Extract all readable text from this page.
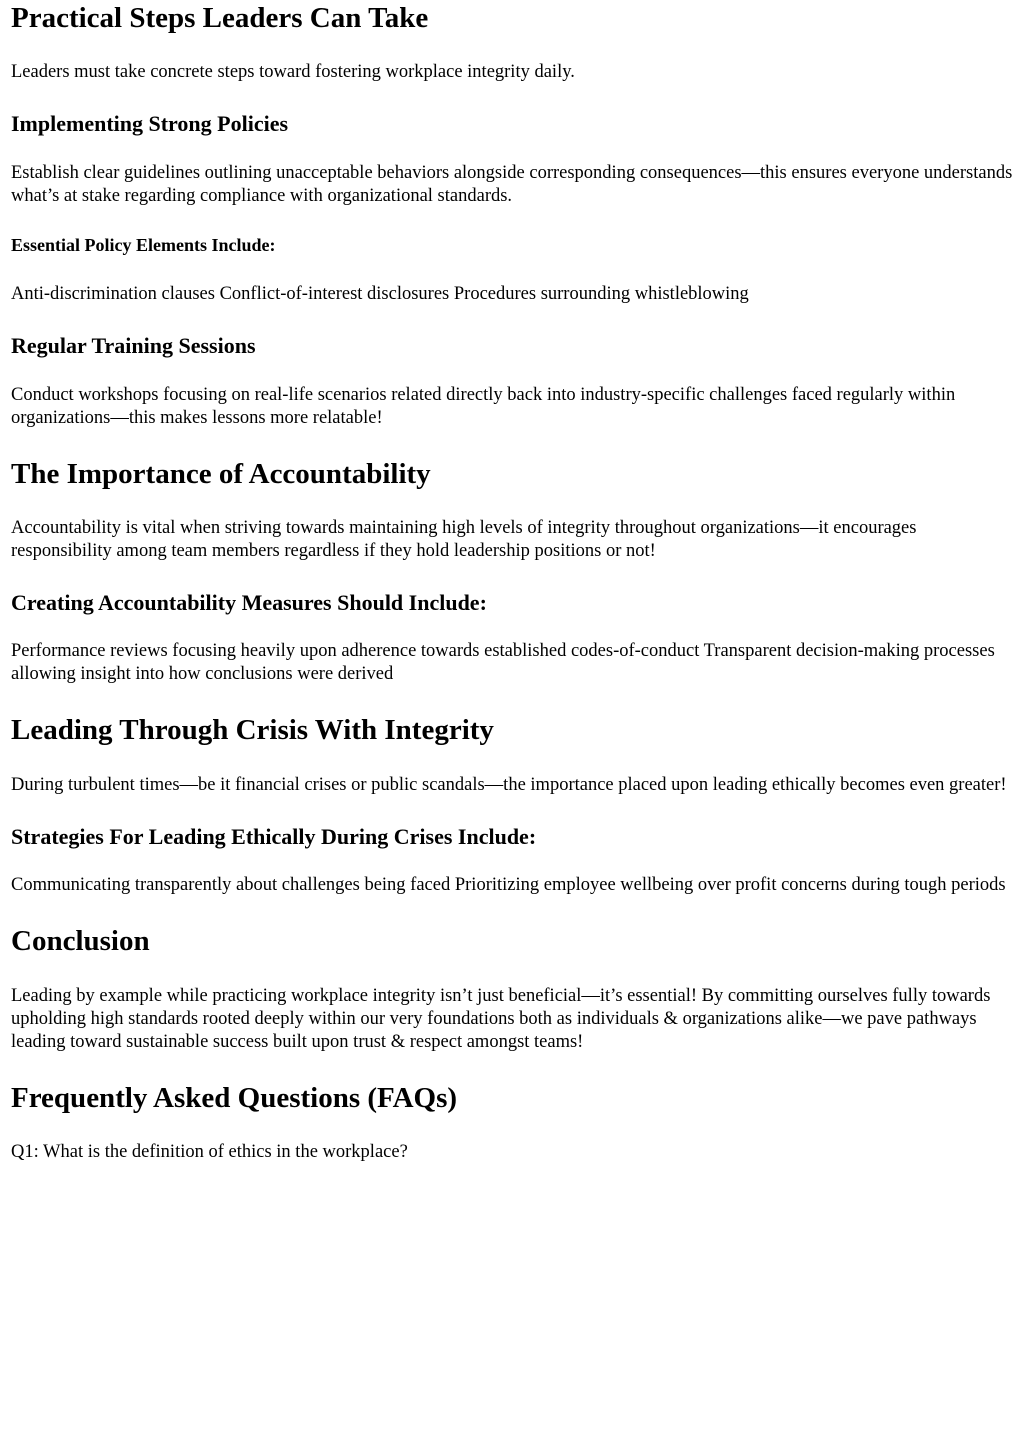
Practical Steps Leaders Can Take

Leaders must take concrete steps toward fostering workplace integrity daily.

Implementing Strong Policies

Establish clear guidelines outlining unacceptable behaviors alongside corresponding consequences—this ensures everyone understands what’s at stake regarding compliance with organizational standards.

Essential Policy Elements Include:

Anti-discrimination clauses Conflict-of-interest disclosures Procedures surrounding whistleblowing

Regular Training Sessions

Conduct workshops focusing on real-life scenarios related directly back into industry-specific challenges faced regularly within organizations—this makes lessons more relatable!

The Importance of Accountability

Accountability is vital when striving towards maintaining high levels of integrity throughout organizations—it encourages responsibility among team members regardless if they hold leadership positions or not!

Creating Accountability Measures Should Include:

Performance reviews focusing heavily upon adherence towards established codes-of-conduct Transparent decision-making processes allowing insight into how conclusions were derived

Leading Through Crisis With Integrity

During turbulent times—be it financial crises or public scandals—the importance placed upon leading ethically becomes even greater!

Strategies For Leading Ethically During Crises Include:

Communicating transparently about challenges being faced Prioritizing employee wellbeing over profit concerns during tough periods

Conclusion

Leading by example while practicing workplace integrity isn’t just beneficial—it’s essential! By committing ourselves fully towards upholding high standards rooted deeply within our very foundations both as individuals & organizations alike—we pave pathways leading toward sustainable success built upon trust & respect amongst teams!

Frequently Asked Questions (FAQs)

Q1: What is the definition of ethics in the workplace?
